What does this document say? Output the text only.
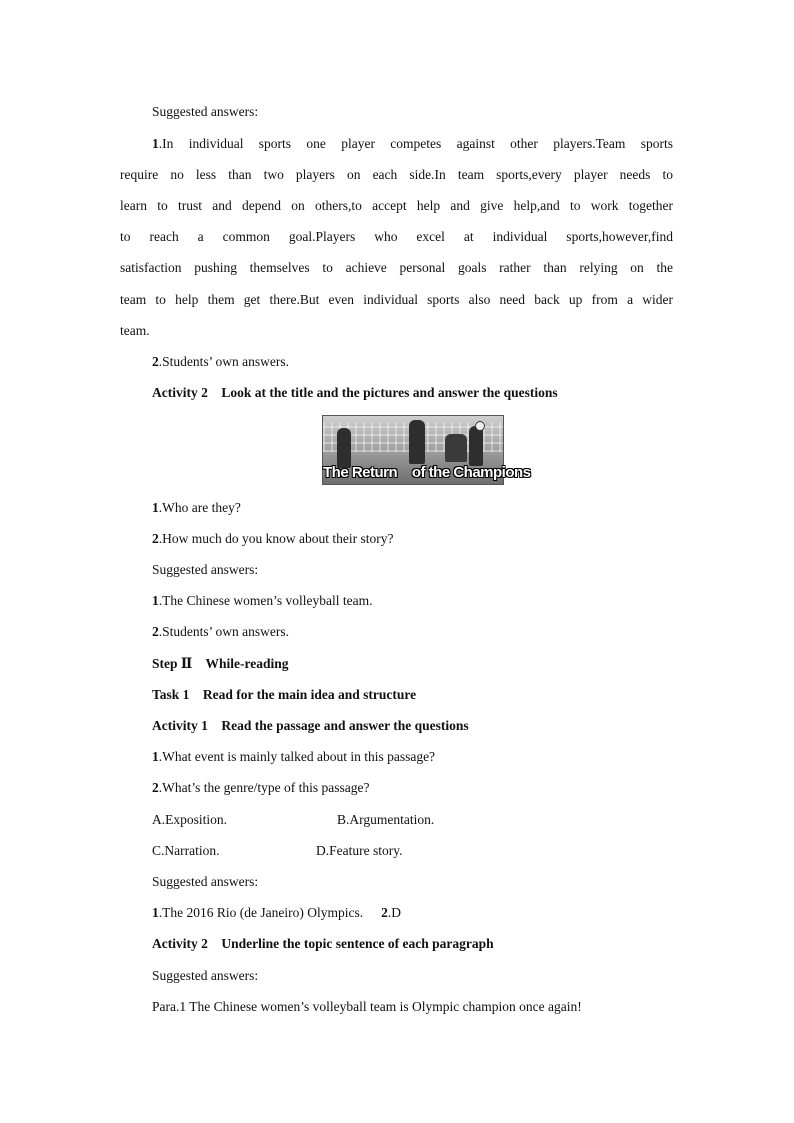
Suggested answers:
1.In individual sports one player competes against other players.Team sports
require no less than two players on each side.In team sports,every player needs to
learn to trust and depend on others,to accept help and give help,and to work together
to reach a common goal.Players who excel at individual sports,however,find
satisfaction pushing themselves to achieve personal goals rather than relying on the
team to help them get there.But even individual sports also need back up from a wider
team.
2.Students’ own answers.
Activity 2    Look at the title and the pictures and answer the questions
The Return    of the Champions
1.Who are they?
2.How much do you know about their story?
Suggested answers:
1.The Chinese women’s volleyball team.
2.Students’ own answers.
Step Ⅱ    While-reading
Task 1    Read for the main idea and structure
Activity 1    Read the passage and answer the questions
1.What event is mainly talked about in this passage?
2.What’s the genre/type of this passage?
A.Exposition.	B.Argumentation.
C.Narration.	D.Feature story.
Suggested answers:
1.The 2016 Rio (de Janeiro) Olympics. 2.D
Activity 2    Underline the topic sentence of each paragraph
Suggested answers:
Para.1 The Chinese women’s volleyball team is Olympic champion once again!
